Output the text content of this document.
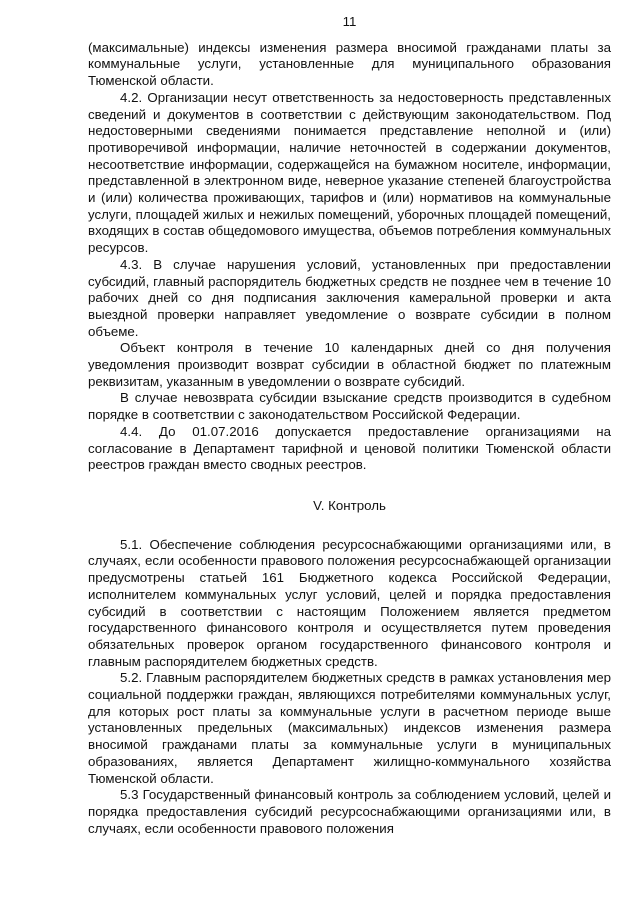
11

(максимальные) индексы изменения размера вносимой гражданами платы за коммунальные услуги, установленные для муниципального образования Тюменской области.

4.2. Организации несут ответственность за недостоверность представленных сведений и документов в соответствии с действующим законодательством. Под недостоверными сведениями понимается представление неполной и (или) противоречивой информации, наличие неточностей в содержании документов, несоответствие информации, содержащейся на бумажном носителе, информации, представленной в электронном виде, неверное указание степеней благоустройства и (или) количества проживающих, тарифов и (или) нормативов на коммунальные услуги, площадей жилых и нежилых помещений, уборочных площадей помещений, входящих в состав общедомового имущества, объемов потребления коммунальных ресурсов.

4.3. В случае нарушения условий, установленных при предоставлении субсидий, главный распорядитель бюджетных средств не позднее чем в течение 10 рабочих дней со дня подписания заключения камеральной проверки и акта выездной проверки направляет уведомление о возврате субсидии в полном объеме.

Объект контроля в течение 10 календарных дней со дня получения уведомления производит возврат субсидии в областной бюджет по платежным реквизитам, указанным в уведомлении о возврате субсидий.

В случае невозврата субсидии взыскание средств производится в судебном порядке в соответствии с законодательством Российской Федерации.

4.4. До 01.07.2016 допускается предоставление организациями на согласование в Департамент тарифной и ценовой политики Тюменской области реестров граждан вместо сводных реестров.

V. Контроль

5.1. Обеспечение соблюдения ресурсоснабжающими организациями или, в случаях, если особенности правового положения ресурсоснабжающей организации предусмотрены статьей 161 Бюджетного кодекса Российской Федерации, исполнителем коммунальных услуг условий, целей и порядка предоставления субсидий в соответствии с настоящим Положением является предметом государственного финансового контроля и осуществляется путем проведения обязательных проверок органом государственного финансового контроля и главным распорядителем бюджетных средств.

5.2. Главным распорядителем бюджетных средств в рамках установления мер социальной поддержки граждан, являющихся потребителями коммунальных услуг, для которых рост платы за коммунальные услуги в расчетном периоде выше установленных предельных (максимальных) индексов изменения размера вносимой гражданами платы за коммунальные услуги в муниципальных образованиях, является Департамент жилищно-коммунального хозяйства Тюменской области.

5.3 Государственный финансовый контроль за соблюдением условий, целей и порядка предоставления субсидий ресурсоснабжающими организациями или, в случаях, если особенности правового положения
